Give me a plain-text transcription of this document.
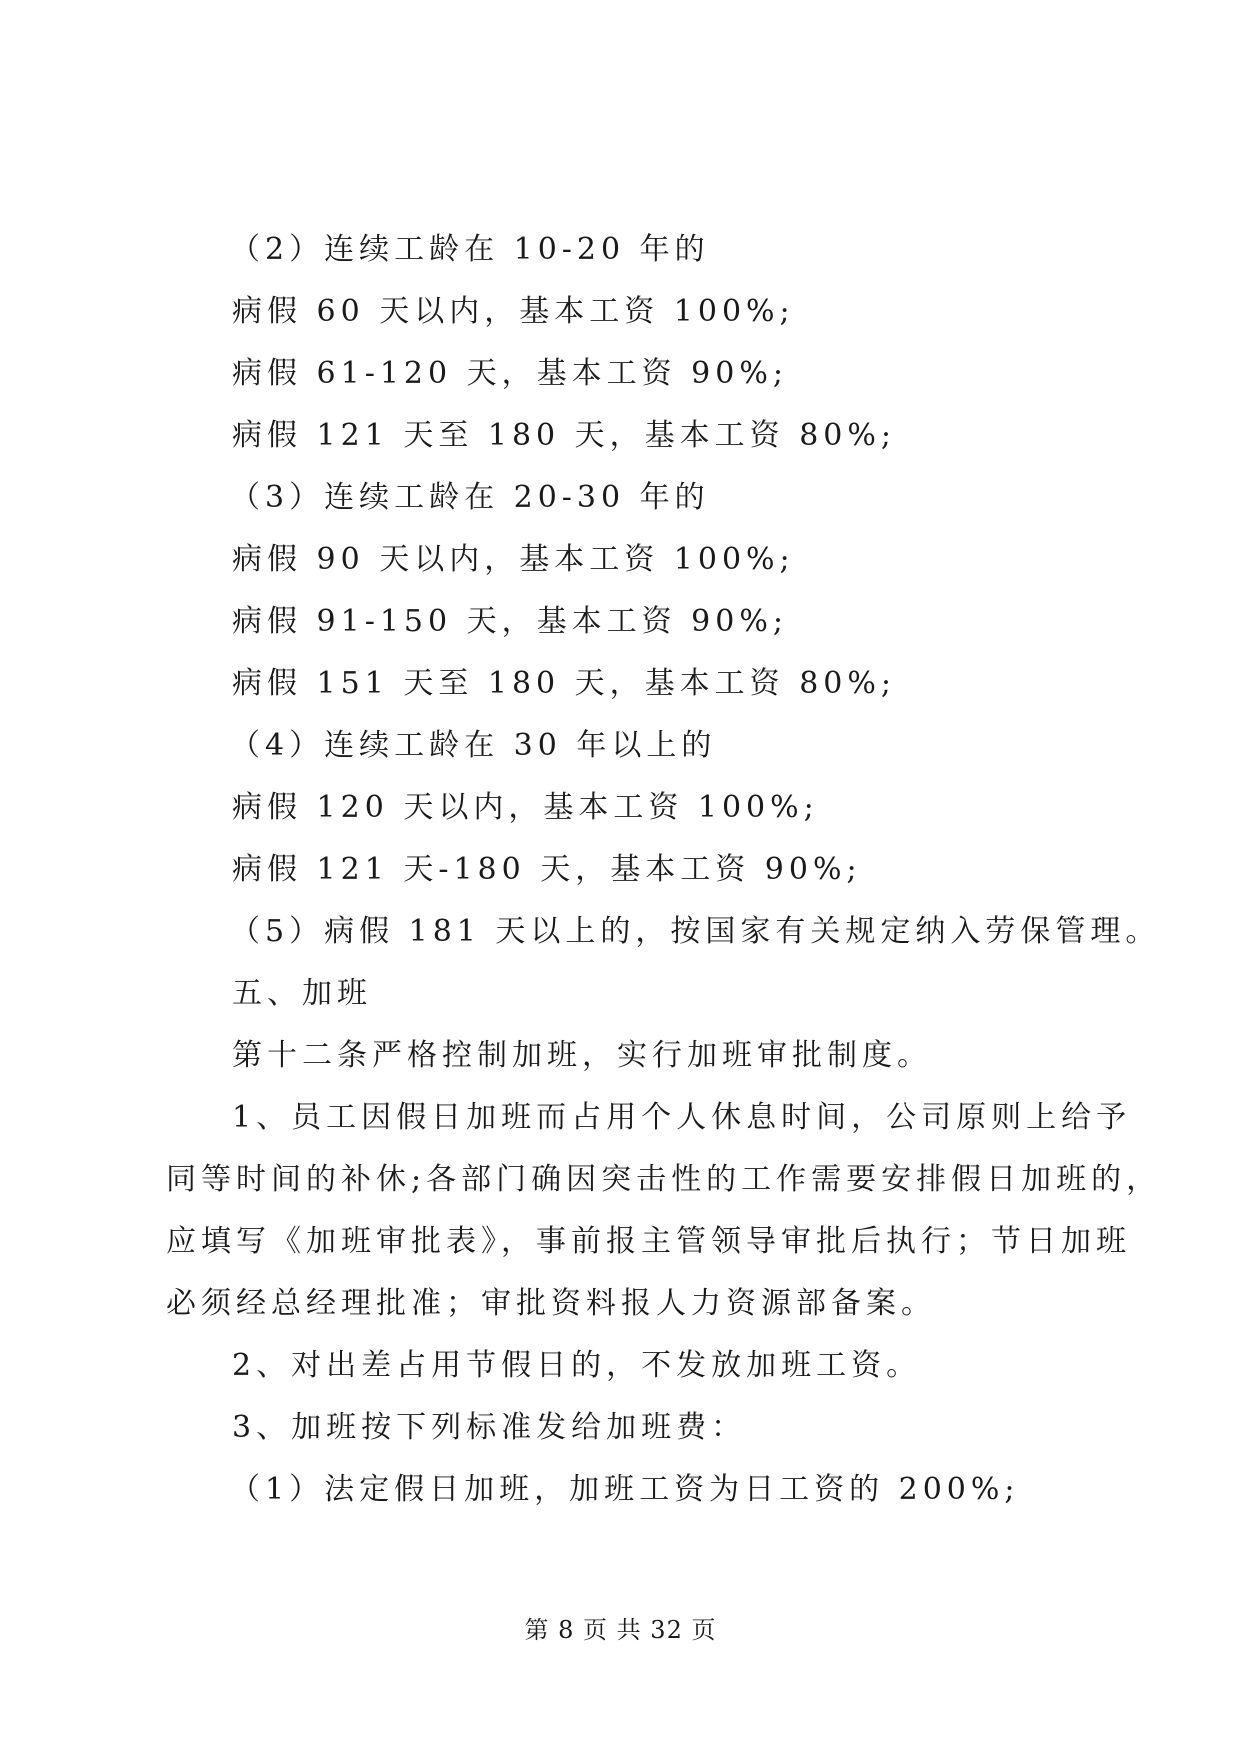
（2）连续工龄在 10-20 年的
病假 60 天以内，基本工资 100%;
病假 61-120 天，基本工资 90%;
病假 121 天至 180 天，基本工资 80%;
（3）连续工龄在 20-30 年的
病假 90 天以内，基本工资 100%;
病假 91-150 天，基本工资 90%;
病假 151 天至 180 天，基本工资 80%;
（4）连续工龄在 30 年以上的
病假 120 天以内，基本工资 100%;
病假 121 天-180 天，基本工资 90%;
（5）病假 181 天以上的，按国家有关规定纳入劳保管理。
五、加班
第十二条严格控制加班，实行加班审批制度。
1、员工因假日加班而占用个人休息时间，公司原则上给予
同等时间的补休;各部门确因突击性的工作需要安排假日加班的，
应填写《加班审批表》，事前报主管领导审批后执行；节日加班
必须经总经理批准；审批资料报人力资源部备案。
2、对出差占用节假日的，不发放加班工资。
3、加班按下列标准发给加班费：
（1）法定假日加班，加班工资为日工资的 200%;
第 8 页 共 32 页
